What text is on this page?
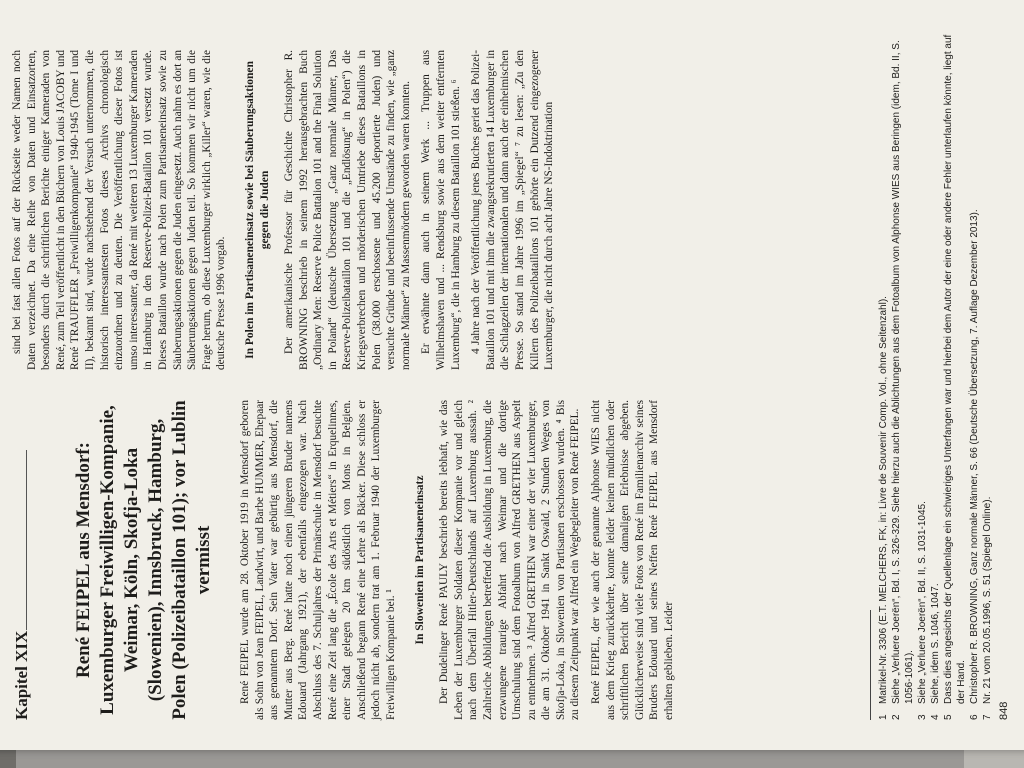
Kapitel XIX René FEIPEL aus Mensdorf: Luxemburger Freiwilligen-Kompanie, Weimar, Köln, Skofja-Loka (Slowenien), Innsbruck, Hamburg, Polen (Polizeibataillon 101); vor Lublin vermisst René FEIPEL wurde am 28. Oktober 1919 in Mensdorf geboren als Sohn von Jean FEIPEL, Landwirt, und Barbe HUMMER, Ehepaar aus genanntem Dorf. Sein Vater war gebürtig aus Mensdorf, die Mutter aus Berg. René hatte noch einen jüngeren Bruder namens Edouard (Jahrgang 1921), der ebenfalls eingezogen war. Nach Abschluss des 7. Schuljahres der Primärschule in Mensdorf besuchte René eine Zeit lang die „École des Arts et Métiers“ in Erquelinnes, einer Stadt gelegen 20 km südöstlich von Mons in Belgien. Anschließend begann René eine Lehre als Bäcker. Diese schloss er jedoch nicht ab, sondern trat am 1. Februar 1940 der Luxemburger Freiwilligen Kompanie bei. ¹

In Slowenien im Partisaneneinsatz Der Dudelinger René PAULY beschrieb bereits lebhaft, wie das Leben der Luxemburger Soldaten dieser Kompanie vor und gleich nach dem Überfall Hitler-Deutschlands auf Luxemburg aussah. ² Zahlreiche Abbildungen betreffend die Ausbildung in Luxemburg, die erzwungene traurige Abfahrt nach Weimar und die dortige Umschulung sind dem Fotoalbum von Alfred GRETHEN aus Aspelt zu entnehmen. ³ Alfred GRETHEN war einer der vier Luxemburger, die am 31. Oktober 1941 in Sankt Oswald, 2 Stunden Weges von Skofja-Loka, in Slowenien von Partisanen erschossen wurden. ⁴ Bis zu diesem Zeitpunkt war Alfred ein Wegbegleiter von René FEIPEL. René FEIPEL, der wie auch der genannte Alphonse WIES nicht aus dem Krieg zurückkehrte, konnte leider keinen mündlichen oder schriftlichen Bericht über seine damaligen Erlebnisse abgeben. Glücklicherweise sind viele Fotos von René im Familienarchiv seines Bruders Edouard und seines Neffen René FEIPEL aus Mensdorf erhalten geblieben. Leider

sind bei fast allen Fotos auf der Rückseite weder Namen noch Daten verzeichnet. Da eine Reihe von Daten und Einsatzorten, besonders durch die schriftlichen Berichte einiger Kameraden von René, zum Teil veröffentlicht in den Büchern von Louis JACOBY und René TRAUFFLER „Freiwilligenkompanie“ 1940-1945 (Tome I und II), bekannt sind, wurde nachstehend der Versuch unternommen, die historisch interessantesten Fotos dieses Archivs chronologisch einzuordnen und zu deuten. Die Veröffentlichung dieser Fotos ist umso interessanter, da René mit weiteren 13 Luxemburger Kameraden in Hamburg in den Reserve-Polizei-Bataillon 101 versetzt wurde. Dieses Bataillon wurde nach Polen zum Partisaneneinsatz sowie zu Säuberungsaktionen gegen die Juden eingesetzt. Auch nahm es dort an Säuberungsaktionen gegen Juden teil. So kommen wir nicht um die Frage herum, ob diese Luxemburger wirklich „Killer“ waren, wie die deutsche Presse 1996 vorgab. In Polen im Partisaneneinsatz sowie bei Säuberungsaktionen gegen die Juden Der amerikanische Professor für Geschichte Christopher R. BROWNING beschrieb in seinem 1992 herausgebrachten Buch „Ordinary Men: Reserve Police Battalion 101 and the Final Solution in Poland“ (deutsche Übersetzung „Ganz normale Männer, Das Reserve-Polizeibataillon 101 und die „Endlösung“ in Polen“) die Kriegsverbrechen und mörderischen Umtriebe dieses Bataillons in Polen (38.000 erschossene und 45.200 deportierte Juden) und versuchte Gründe und beeinflussende Umstände zu finden, wie „ganz normale Männer“ zu Massenmördern geworden waren konnten. Er erwähnte dann auch in seinem Werk ... Truppen aus Wilhelmshaven und ... Rendsburg sowie aus dem weiter entfernten Luxemburg“, die in Hamburg zu diesem Bataillon 101 stießen. ⁶ 4 Jahre nach der Veröffentlichung jenes Buches geriet das Polizei-Bataillon 101 und mit ihm die zwangsrekrutierten 14 Luxemburger in die Schlagzeilen der internationalen und dann auch der einheimischen Presse. So stand im Jahre 1996 im „Spiegel“ ⁷ zu lesen: „Zu den Killern des Polizeibataillons 101 gehörte ein Dutzend eingezogener Luxemburger, die nicht durch acht Jahre NS-Indoktrination

1
Matrikel-Nr. 3306 (E.T. MELCHERS, FK, in: Livre de Souvenir Comp. Vol., ohne Seitenzahl).
2
Siehe „Verluere Joerën“, Bd. I, S. 326-329. Siehe hierzu auch die Ablichtungen aus dem Fotoalbum von Alphonse WIES aus Beringen (idem, Bd. II, S. 1056-1061).
3
Siehe „Verluere Joerën“, Bd. II, S. 1031-1045.
4
Siehe, idem S. 1046, 1047.
5
Dass dies angesichts der Quellenlage ein schwieriges Unterfangen war und hierbei dem Autor der eine oder andere Fehler unterlaufen könnte, liegt auf der Hand.
6
Christopher R. BROWNING, Ganz normale Männer, S. 66 (Deutsche Übersetzung, 7. Auflage Dezember 2013).
7
Nr. 21 vom 20.05.1996, S. 51 (Spiegel Online).
848
